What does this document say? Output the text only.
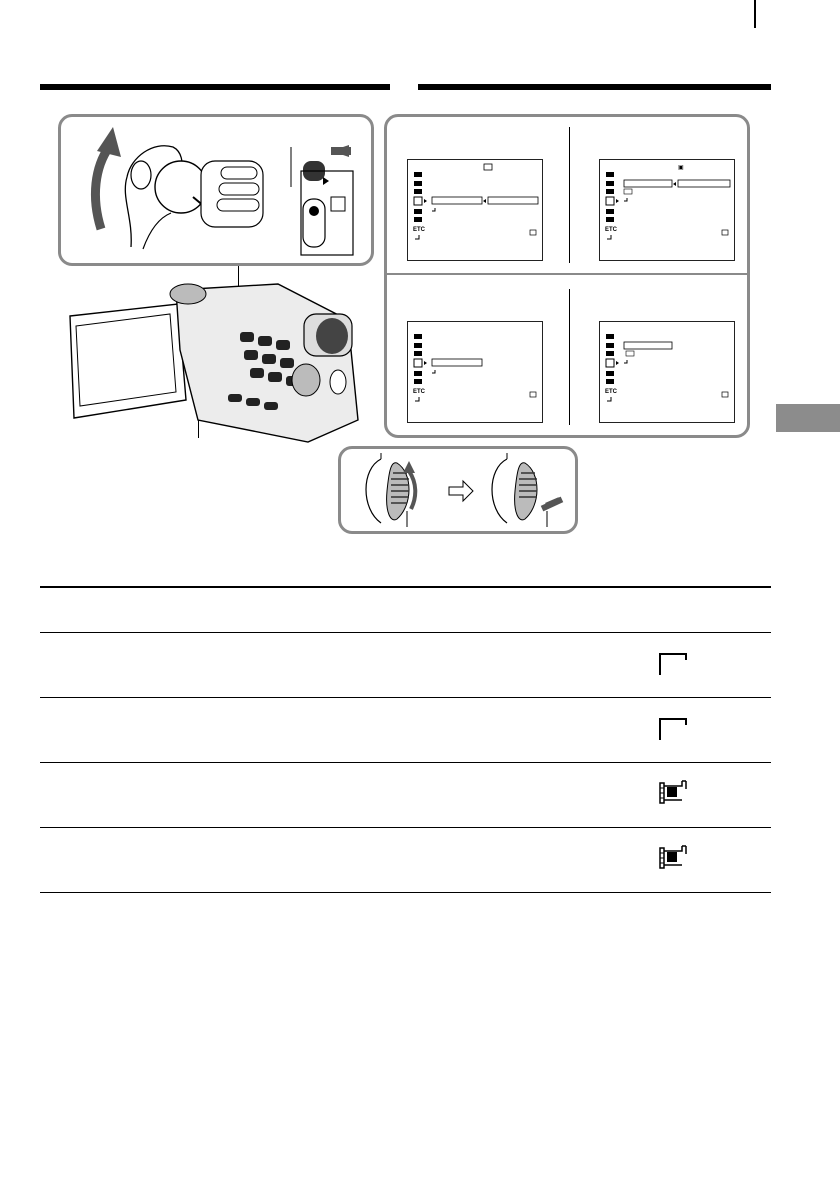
ETC
▣
ETC
ETC	ETC
